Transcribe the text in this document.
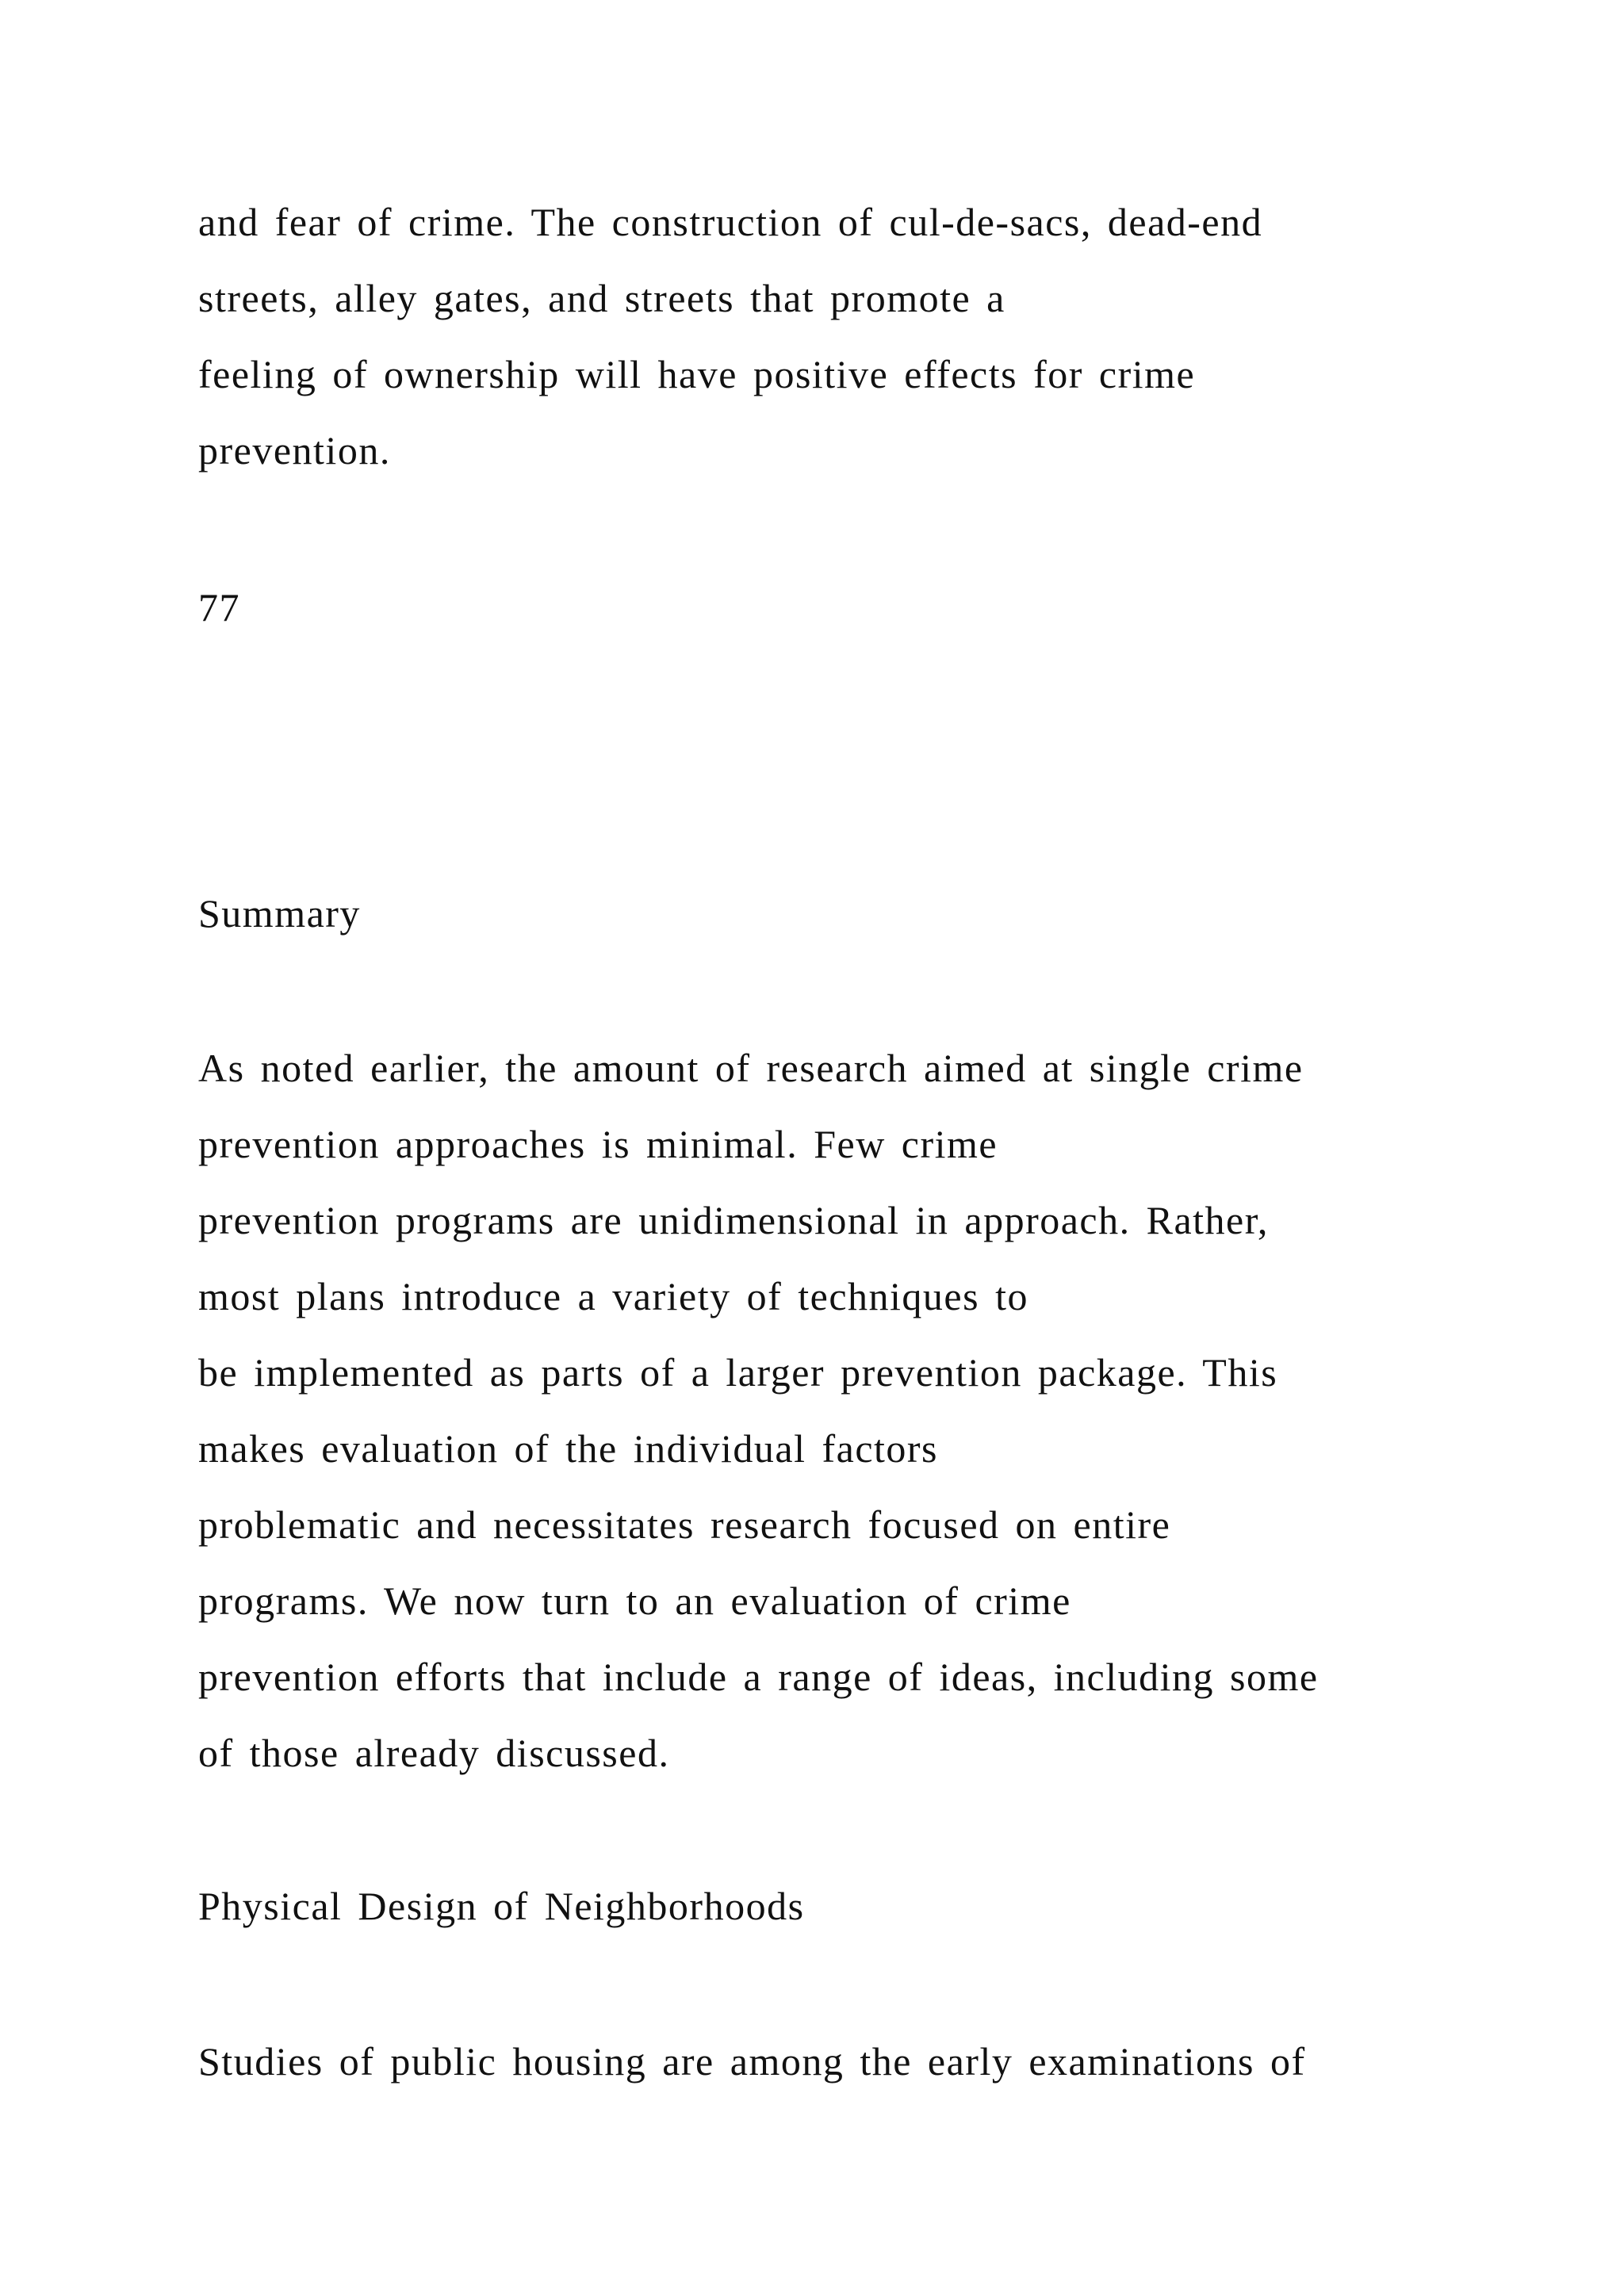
and fear of crime. The construction of cul-de-sacs, dead-end
streets, alley gates, and streets that promote a
feeling of ownership will have positive effects for crime
prevention.
77
Summary
As noted earlier, the amount of research aimed at single crime
prevention approaches is minimal. Few crime
prevention programs are unidimensional in approach. Rather,
most plans introduce a variety of techniques to
be implemented as parts of a larger prevention package. This
makes evaluation of the individual factors
problematic and necessitates research focused on entire
programs. We now turn to an evaluation of crime
prevention efforts that include a range of ideas, including some
of those already discussed.
Physical Design of Neighborhoods
Studies of public housing are among the early examinations of
